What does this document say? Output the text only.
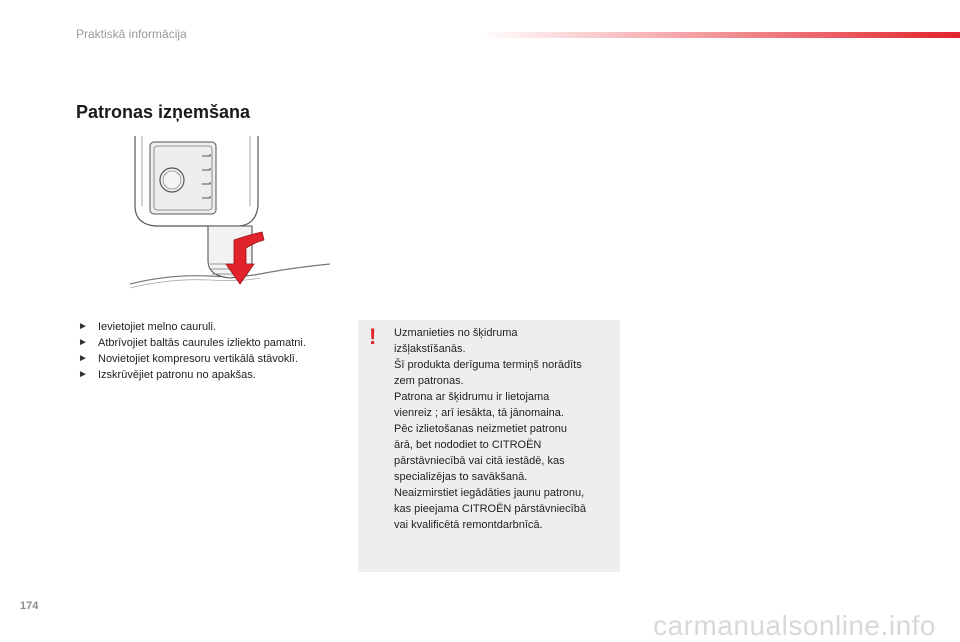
Praktiskā informācija
Patronas izņemšana
► Ievietojiet melno cauruli.
► Atbrīvojiet baltās caurules izliekto pamatni.
► Novietojiet kompresoru vertikālā stāvoklī.
► Izskrūvējiet patronu no apakšas.
! Uzmanieties no šķidruma

izšļakstīšanās.

Šī produkta derīguma termiņš norādīts

zem patronas.

Patrona ar šķidrumu ir lietojama

vienreiz ; arī iesākta, tā jānomaina.

Pēc izlietošanas neizmetiet patronu

ārā, bet nododiet to CITROËN

pārstāvniecībā vai citā iestādē, kas

specializējas to savākšanā.

Neaizmirstiet iegādāties jaunu patronu,

kas pieejama CITROËN pārstāvniecībā

vai kvalificētā remontdarbnīcā.

174
carmanualsonline.info
